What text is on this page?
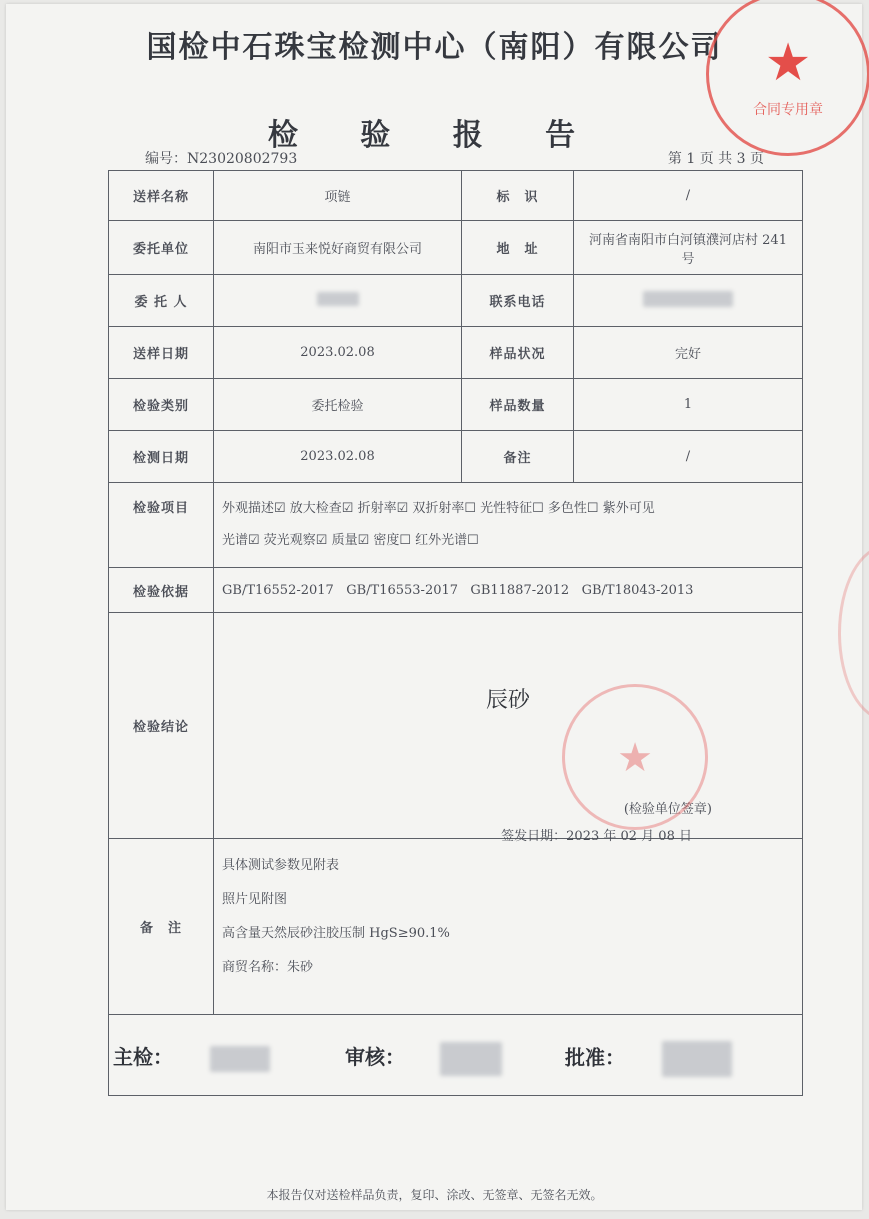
国检中石珠宝检测中心（南阳）有限公司
检 验 报 告
编号：N23020802793	第 1 页 共 3 页
送样名称	项链	标　识	/
委托单位	南阳市玉来悦好商贸有限公司	地　址	河南省南阳市白河镇濮河店村 241 号
委 托 人		联系电话	
送样日期	2023.02.08	样品状况	完好
检验类别	委托检验	样品数量	1
检测日期	2023.02.08	备注	/
检验项目	外观描述☑ 放大检查☑ 折射率☑ 双折射率☐ 光性特征☐ 多色性☐ 紫外可见
光谱☑ 荧光观察☑ 质量☑ 密度☐ 红外光谱☐		

检验依据	GB/T16552-2017   GB/T16553-2017   GB11887-2012   GB/T18043-2013		
检验结论	辰砂
(检验单位签章)
签发日期：2023 年 02 月 08 日		

备　注	具体测试参数见附表
照片见附图
高含量天然辰砂注胶压制 HgS≥90.1%
商贸名称：朱砂		

主检： 审核： 批准：			
本报告仅对送检样品负责，复印、涂改、无签章、无签名无效。
★
合同专用章
★
